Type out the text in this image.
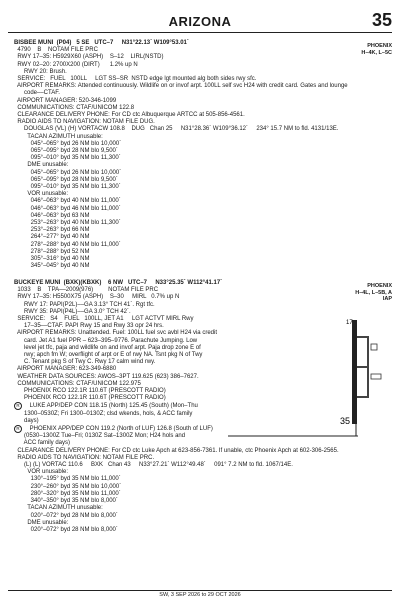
ARIZONA	35
BISBEE MUNI  (P04)   5 SE   UTC–7     N31°22.13´ W109°53.01´
4790    B    NOTAM FILE PRC
RWY 17–35: H5929X60 (ASPH)    S–12    LIRL(NSTD)
RWY 02–20: 2700X200 (DIRT)      1.2% up N
RWY 20: Brush.
SERVICE:   FUEL   100LL     LGT SS–SR  NSTD edge lgt mounted alg both sides rwy sfc.
AIRPORT REMARKS: Attended continuously. Wildlife on or invof arpt. 100LL self svc H24 with credit card. Gates and lounge
code––CTAF.
AIRPORT MANAGER: 520-346-1099
COMMUNICATIONS: CTAF/UNICOM 122.8
CLEARANCE DELIVERY PHONE: For CD ctc Albuquerque ARTCC at 505-856-4561.
RADIO AIDS TO NAVIGATION: NOTAM FILE DUG.
DOUGLAS (VL) (H) VORTACW 108.8    DUG   Chan 25     N31°28.36´ W109°36.12´     234° 15.7 NM to fld. 4131/13E.
TACAN AZIMUTH unusable:
045°–065° byd 26 NM blo 10,000´
065°–095° byd 28 NM blo 9,500´
095°–010° byd 35 NM blo 11,300´
DME unusable:
045°–065° byd 26 NM blo 10,000´
065°–095° byd 28 NM blo 9,500´
095°–010° byd 35 NM blo 11,300´
VOR unusable:
046°–063° byd 40 NM blo 11,000´
046°–063° byd 46 NM blo 11,000´
046°–063° byd 63 NM
253°–263° byd 40 NM blo 11,300´
253°–263° byd 66 NM
264°–277° byd 40 NM
278°–288° byd 40 NM blo 11,000´
278°–288° byd 52 NM
305°–316° byd 40 NM
345°–045° byd 40 NM
PHOENIX
H–4K, L–5C
BUCKEYE MUNI  (BXK)(KBXK)    6 NW   UTC–7     N33°25.35´ W112°41.17´
1033    B    TPA––2009(976)         NOTAM FILE PRC
RWY 17–35: H5500X75 (ASPH)    S–30     MIRL   0.7% up N
RWY 17: PAPI(P2L)––GA 3.13° TCH 41´. Rgt tfc.
RWY 35: PAPI(P4L)––GA 3.0° TCH 42´.
SERVICE:   S4    FUEL   100LL, JET A1     LGT ACTVT MIRL Rwy
17–35––CTAF. PAPI Rwy 15 and Rwy 33 opr 24 hrs.
AIRPORT REMARKS: Unattended. Fuel: 100LL fuel svc avbl H24 via credit
card. Jet A1 fuel PPR – 623–395–9776. Parachute Jumping. Low
level jet tfc, paja and wildlife on and invof arpt. Paja drop zone E of
rwy; apch fm W; overflight of arpt or E of rwy NA. Tsnt pkg N of Twy
C. Tenant pkg S of Twy C. Rwy 17 calm wind rwy.
AIRPORT MANAGER: 623-349-6880
WEATHER DATA SOURCES: AWOS–3PT 119.625 (623) 386–7627.
COMMUNICATIONS: CTAF/UNICOM 122.975
PHOENIX RCO 122.1R 110.6T (PRESCOTT RADIO)
PHOENIX RCO 122.1R 110.6T (PRESCOTT RADIO)
R    LUKE APP/DEP CON 118.15 (North) 125.45 (South) (Mon–Thu
1300–0530Z; Fri 1300–0130Z; clsd wkends, hols, & ACC family
days)
R    PHOENIX APP/DEP CON 119.2 (North of LUF) 126.8 (South of LUF)
(0530–1300Z Tue–Fri; 0130Z Sat–1300Z Mon; H24 hols and
ACC family days)
CLEARANCE DELIVERY PHONE: For CD ctc Luke Apch at 623-856-7361. If unable, ctc Phoenix Apch at 602-306-2565.
RADIO AIDS TO NAVIGATION: NOTAM FILE PRC.
(L) (L) VORTAC 110.6     BXK   Chan 43     N33°27.21´ W112°49.48´     091° 7.2 NM to fld. 1067/14E.
VOR unusable:
130°–195° byd 35 NM blo 11,000´
230°–260° byd 35 NM blo 10,000´
280°–320° byd 35 NM blo 11,000´
340°–350° byd 35 NM blo 8,000´
TACAN AZIMUTH unusable:
020°–072° byd 28 NM blo 8,000´
DME unusable:
020°–072° byd 28 NM blo 8,000´
PHOENIX
H–4L, L–5B, A
IAP
17
35
SW, 3 SEP 2026 to 29 OCT 2026
